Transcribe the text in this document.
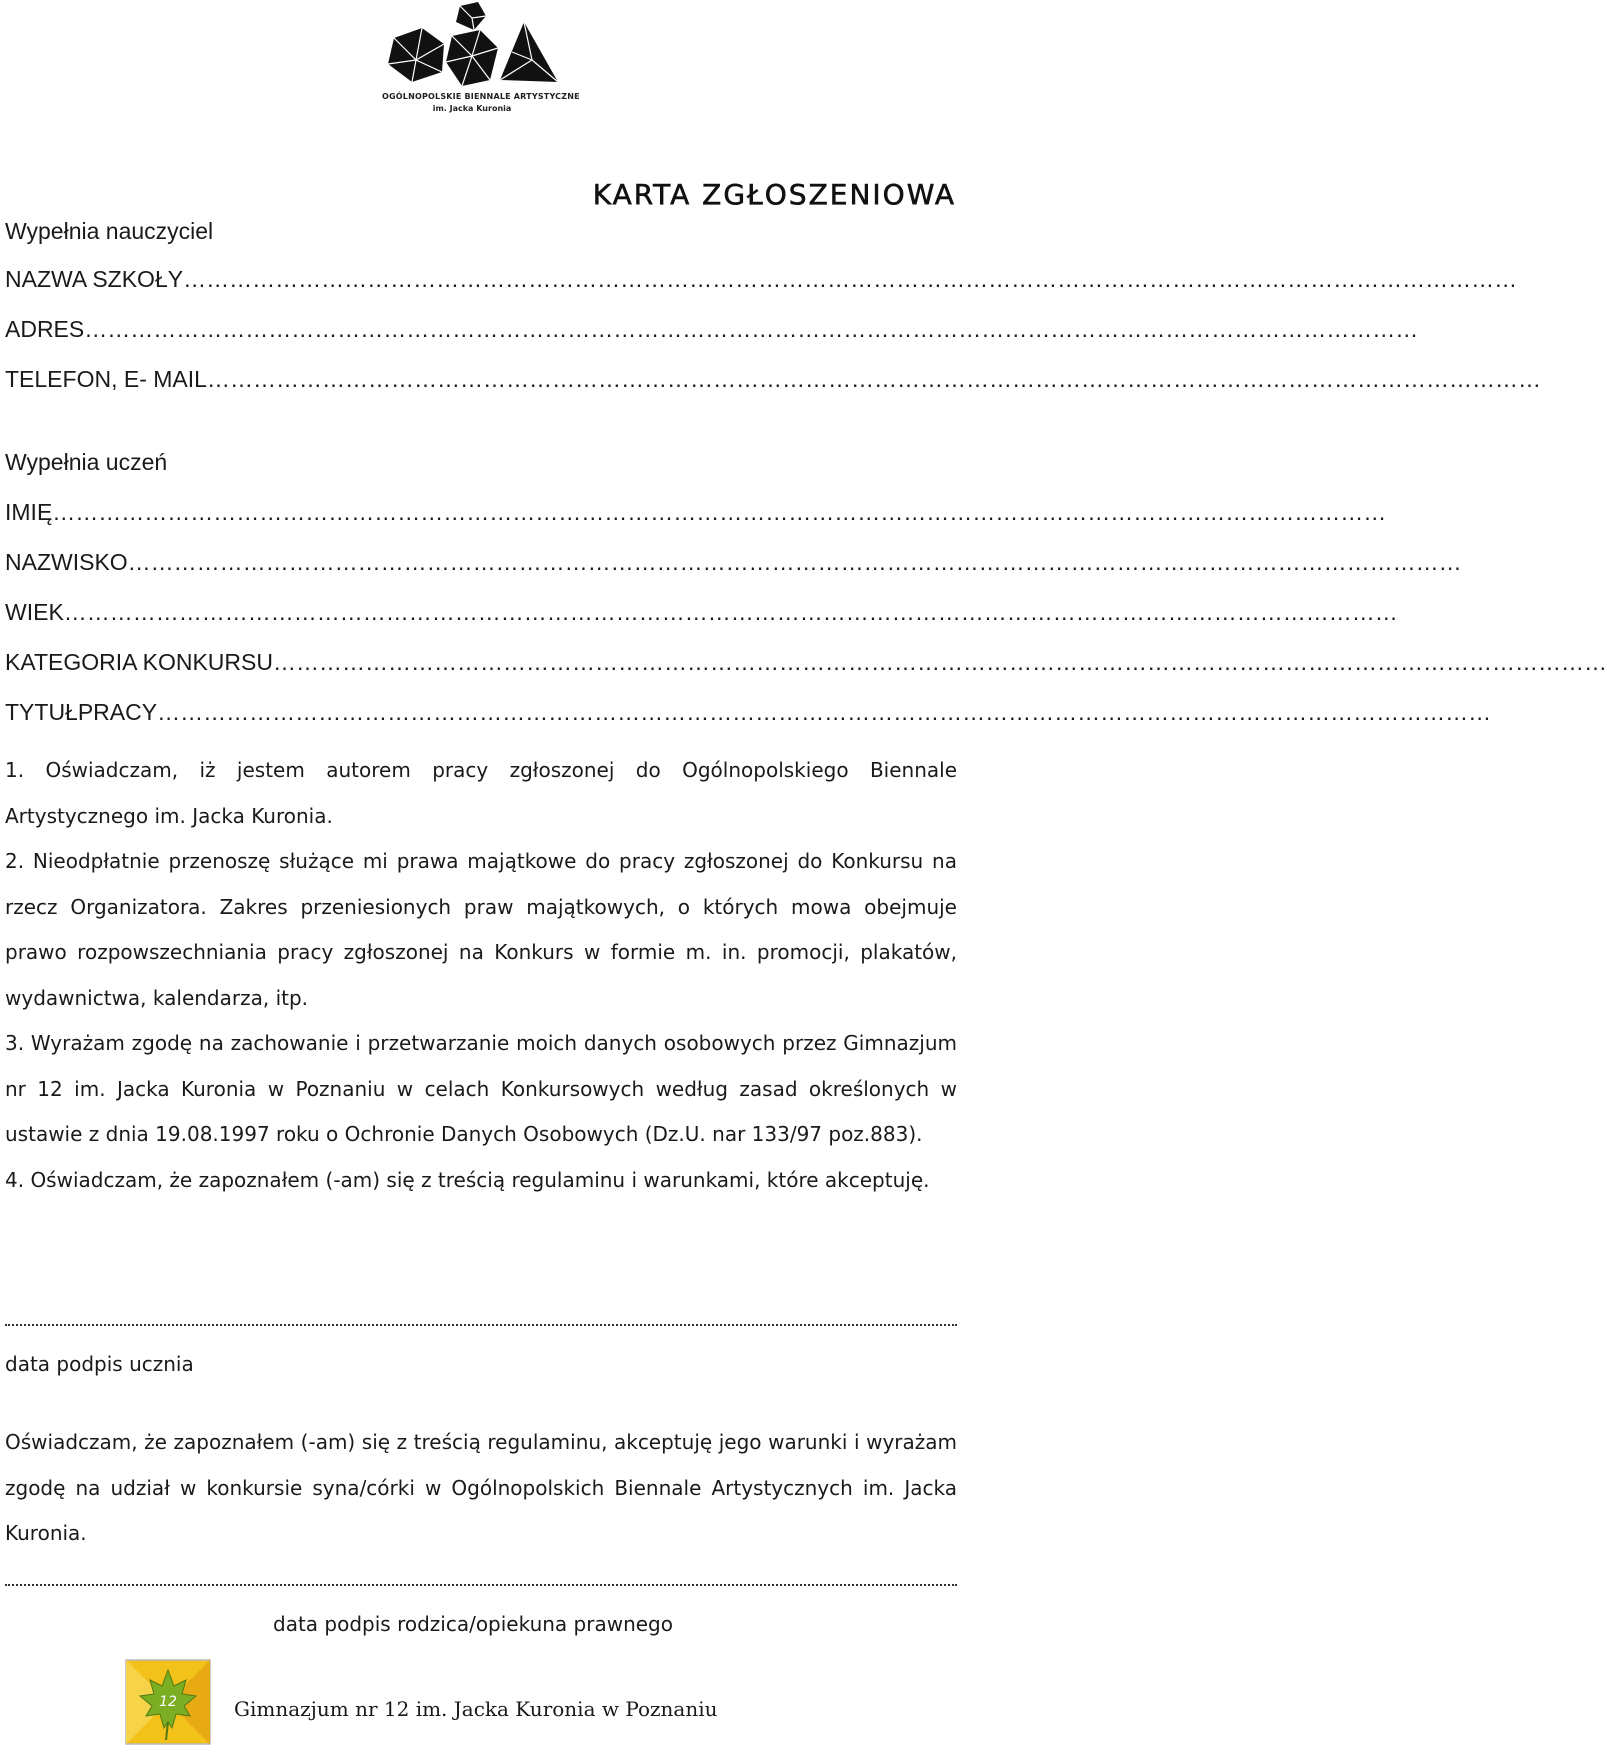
OGÓLNOPOLSKIE BIENNALE ARTYSTYCZNE
im. Jacka Kuronia
KARTA ZGŁOSZENIOWA
Wypełnia nauczyciel
NAZWA SZKOŁY …………………………………………………………………………………………………………………………………………………………
ADRES …………………………………………………………………………………………………………………………………………………………
TELEFON, E- MAIL …………………………………………………………………………………………………………………………………………………………
Wypełnia uczeń
IMIĘ …………………………………………………………………………………………………………………………………………………………
NAZWISKO …………………………………………………………………………………………………………………………………………………………
WIEK …………………………………………………………………………………………………………………………………………………………
KATEGORIA KONKURSU …………………………………………………………………………………………………………………………………………………………
TYTUŁPRACY …………………………………………………………………………………………………………………………………………………………

1. Oświadczam, iż jestem autorem pracy zgłoszonej do Ogólnopolskiego Biennale Artystycznego im. Jacka Kuronia.

2. Nieodpłatnie przenoszę służące mi prawa majątkowe do pracy zgłoszonej do Konkursu na rzecz Organizatora. Zakres przeniesionych praw majątkowych, o których mowa obejmuje prawo rozpowszechniania pracy zgłoszonej na Konkurs w formie m. in. promocji, plakatów, wydawnictwa, kalendarza, itp.

3. Wyrażam zgodę na zachowanie i przetwarzanie moich danych osobowych przez Gimnazjum nr 12 im. Jacka Kuronia w Poznaniu w celach Konkursowych według zasad określonych w ustawie z dnia 19.08.1997 roku o Ochronie Danych Osobowych (Dz.U. nar 133/97 poz.883).

4. Oświadczam, że zapoznałem (-am) się z treścią regulaminu i warunkami, które akceptuję.

data podpis ucznia

Oświadczam, że zapoznałem (-am) się z treścią regulaminu, akceptuję jego warunki i wyrażam zgodę na udział w konkursie syna/córki w Ogólnopolskich Biennale Artystycznych im. Jacka Kuronia.

data podpis rodzica/opiekuna prawnego
12	Gimnazjum nr 12 im. Jacka Kuronia w Poznaniu
